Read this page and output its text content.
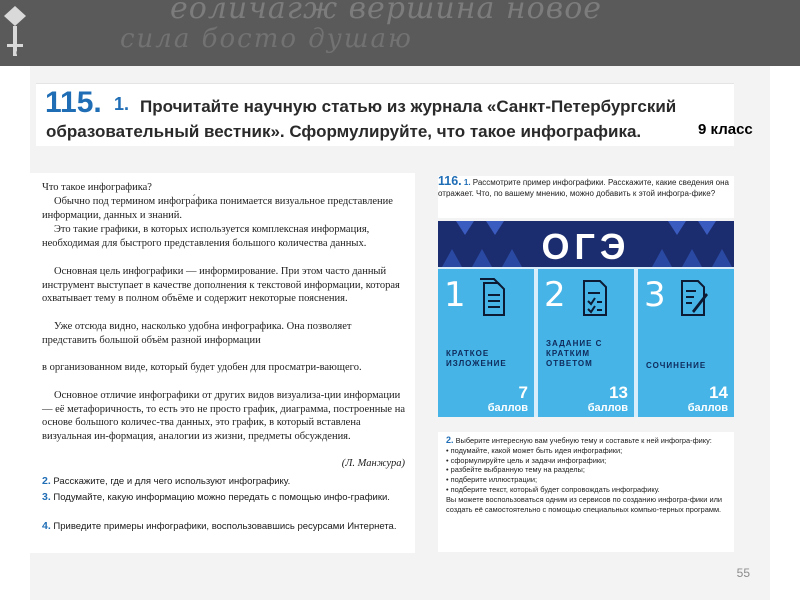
еоличагж вершина новое
сила босто душаю
C
115. 1. Прочитайте научную статью из журнала «Санкт-Петербургский
образовательный вестник». Сформулируйте, что такое инфографика.	9 класс
Что такое инфографика?
Обычно под термином инфогра́фика понимается визуальное представление информации, данных и знаний.
Это такие графики, в которых используется комплексная информация, необходимая для быстрого представления большого количества данных.
Основная цель инфографики — информирование. При этом часто данный инструмент выступает в качестве дополнения к текстовой информации, которая охватывает тему в полном объёме и содержит некоторые пояснения.
Уже отсюда видно, насколько удобна инфографика. Она позволяет представить большой объём разной информации
в организованном виде, который будет удобен для просматри-вающего.
Основное отличие инфографики от других видов визуализа-ции информации — её метафоричность, то есть это не просто график, диаграмма, построенные на основе большого количес-тва данных, это график, в который вставлена визуальная ин-формация, аналогии из жизни, предметы обсуждения.
(Л. Манжура)
2. Расскажите, где и для чего используют инфографику.
3. Подумайте, какую информацию можно передать с помощью инфо-графики.
4. Приведите примеры инфографики, воспользовавшись ресурсами Интернета.
116. 1. Рассмотрите пример инфографики. Расскажите, какие сведения она отражает. Что, по вашему мнению, можно добавить к этой инфогра-фике?
ОГЭ
1
КРАТКОЕ ИЗЛОЖЕНИЕ
7
баллов
2
ЗАДАНИЕ С КРАТКИМ ОТВЕТОМ
13
баллов
3
СОЧИНЕНИЕ
14
баллов
2. Выберите интересную вам учебную тему и составьте к ней инфогра-фику:
• подумайте, какой может быть идея инфографики;
• сформулируйте цель и задачи инфографики;
• разбейте выбранную тему на разделы;
• подберите иллюстрации;
• подберите текст, который будет сопровождать инфографику.
Вы можете воспользоваться одним из сервисов по созданию инфогра-фики или создать её самостоятельно с помощью специальных компью-терных программ.
55
